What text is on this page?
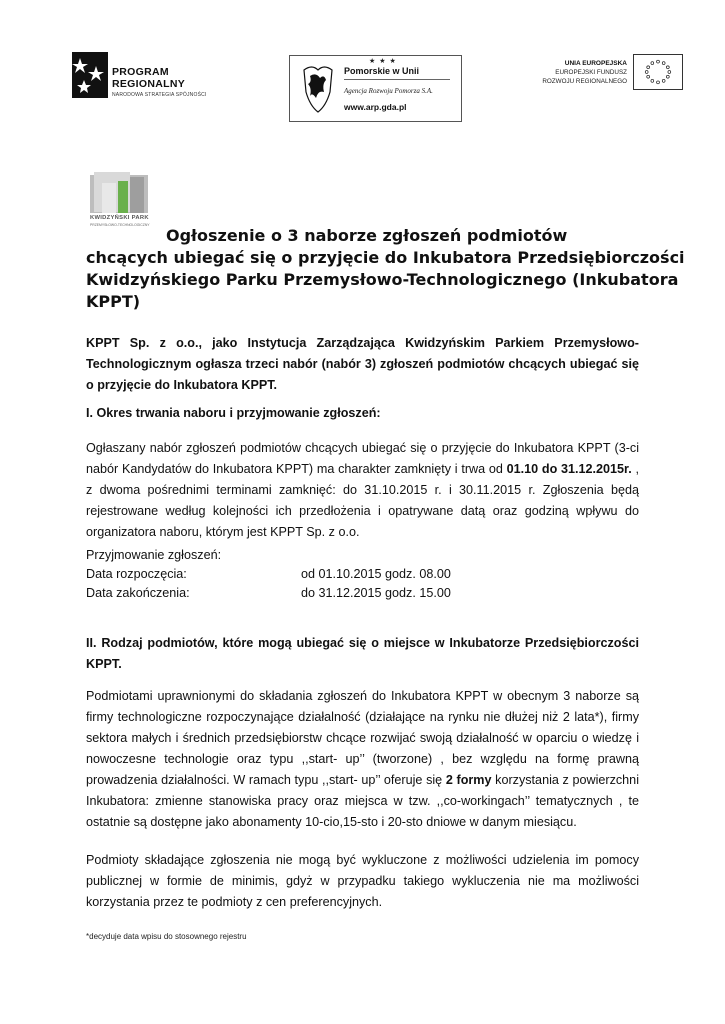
PROGRAM
REGIONALNY
NARODOWA STRATEGIA SPÓJNOŚCI
★ ★ ★
Pomorskie w Unii
Agencja Rozwoju Pomorza S.A.
www.arp.gda.pl
UNIA EUROPEJSKA
EUROPEJSKI FUNDUSZ
ROZWOJU REGIONALNEGO
KWIDZYŃSKI PARK
PRZEMYSŁOWO-TECHNOLOGICZNY
Ogłoszenie o 3 naborze zgłoszeń podmiotów
chcących ubiegać się o przyjęcie do Inkubatora Przedsiębiorczości
Kwidzyńskiego Parku Przemysłowo-Technologicznego (Inkubatora
KPPT)

KPPT Sp. z o.o., jako Instytucja Zarządzająca Kwidzyńskim Parkiem Przemysłowo-Technologicznym ogłasza trzeci nabór (nabór 3) zgłoszeń podmiotów chcących ubiegać się o przyjęcie do Inkubatora KPPT.

I. Okres trwania naboru i przyjmowanie zgłoszeń:

Ogłaszany nabór zgłoszeń podmiotów chcących ubiegać się o przyjęcie do Inkubatora KPPT (3-ci nabór Kandydatów do Inkubatora KPPT) ma charakter zamknięty i trwa od 01.10 do 31.12.2015r. , z dwoma pośrednimi terminami zamknięć: do 31.10.2015 r. i 30.11.2015 r. Zgłoszenia będą rejestrowane według kolejności ich przedłożenia i opatrywane datą oraz godziną wpływu do organizatora naboru, którym jest KPPT Sp. z o.o.

Przyjmowanie zgłoszeń:
Data rozpoczęcia:	od 01.10.2015 godz. 08.00
Data zakończenia:	do 31.12.2015 godz. 15.00

II. Rodzaj podmiotów, które mogą ubiegać się o miejsce w Inkubatorze Przedsiębiorczości KPPT.

Podmiotami uprawnionymi do składania zgłoszeń do Inkubatora KPPT w obecnym 3 naborze są firmy technologiczne rozpoczynające działalność (działające na rynku nie dłużej niż 2 lata*), firmy sektora małych i średnich przedsiębiorstw chcące rozwijać swoją działalność w oparciu o wiedzę i nowoczesne technologie oraz typu ,,start- up’’ (tworzone) , bez względu na formę prawną prowadzenia działalności. W ramach typu ,,start- up’’ oferuje się 2 formy korzystania z powierzchni Inkubatora: zmienne stanowiska pracy oraz miejsca w tzw. ,,co-workingach’’ tematycznych , te ostatnie są dostępne jako abonamenty 10-cio,15-sto i 20-sto dniowe w danym miesiącu.

Podmioty składające zgłoszenia nie mogą być wykluczone z możliwości udzielenia im pomocy publicznej w formie de minimis, gdyż w przypadku takiego wykluczenia nie ma możliwości korzystania przez te podmioty z cen preferencyjnych.

*decyduje data wpisu do stosownego rejestru
